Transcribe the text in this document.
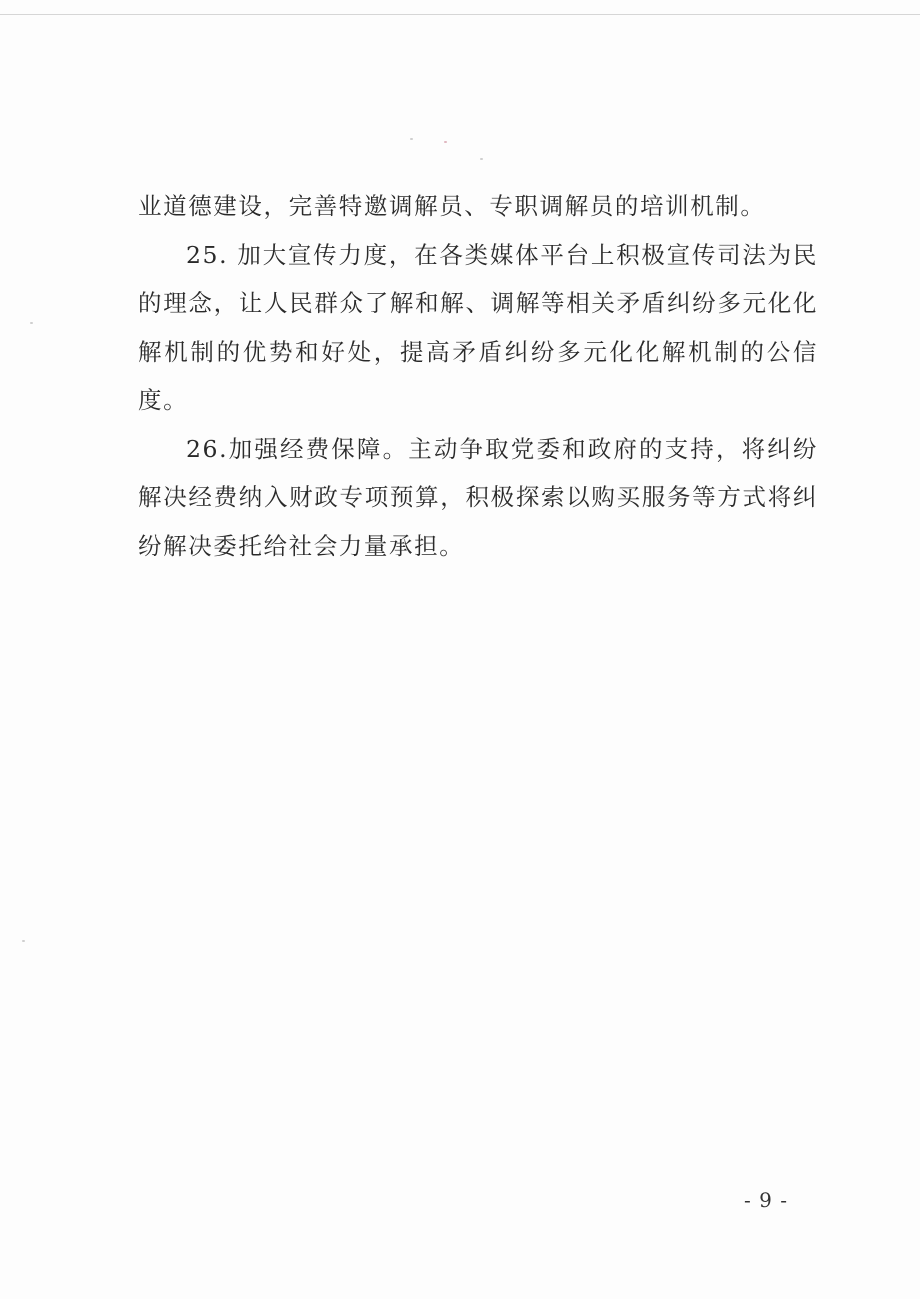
业道德建设，完善特邀调解员、专职调解员的培训机制。

25. 加大宣传力度，在各类媒体平台上积极宣传司法为民的理念，让人民群众了解和解、调解等相关矛盾纠纷多元化化解机制的优势和好处，提高矛盾纠纷多元化化解机制的公信度。

26.加强经费保障。主动争取党委和政府的支持，将纠纷解决经费纳入财政专项预算，积极探索以购买服务等方式将纠纷解决委托给社会力量承担。

- 9 -
